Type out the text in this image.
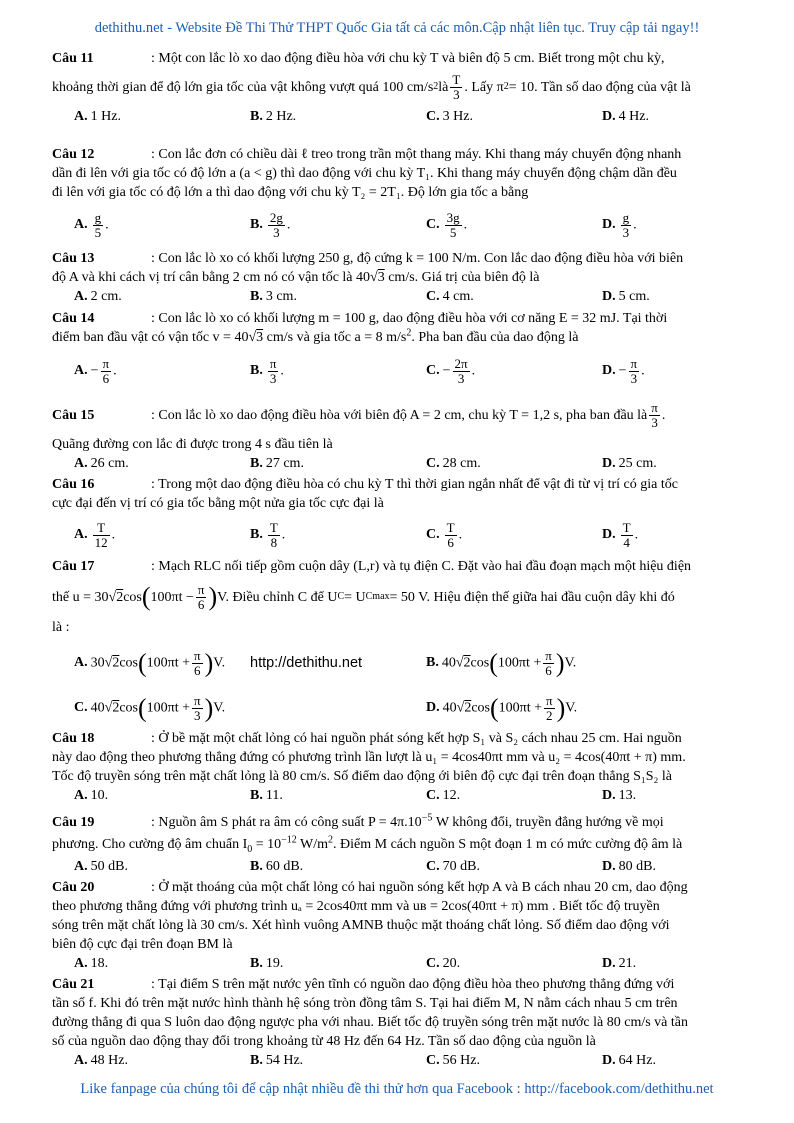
dethithu.net - Website Đề Thi Thử THPT Quốc Gia tất cả các môn.Cập nhật liên tục. Truy cập tải ngay!!

Câu 11	: Một con lắc lò xo dao động điều hòa với chu kỳ T và biên độ 5 cm. Biết trong một chu kỳ,

khoảng thời gian để độ lớn gia tốc của vật không vượt quá 100 cm/s 2 là $\frac{T}{3}$ . Lấy π 2 = 10. Tần số dao động của vật là

A. 1 Hz.	B. 2 Hz.	C. 3 Hz.	D. 4 Hz.

Câu 12	: Con lắc đơn có chiều dài ℓ treo trong trần một thang máy. Khi thang máy chuyển động nhanh

dần đi lên với gia tốc có độ lớn a (a < g) thì dao động với chu kỳ T₁. Khi thang máy chuyển động chậm dần đều

đi lên với gia tốc có độ lớn a thì dao động với chu kỳ T₂ = 2T₁. Độ lớn gia tốc a bằng

A. $\frac{g}{5}$ .	B. $\frac{2g}{3}$ .	C. $\frac{3g}{5}$ .	D. $\frac{g}{3}$ .

Câu 13	: Con lắc lò xo có khối lượng 250 g, độ cứng k = 100 N/m. Con lắc dao động điều hòa với biên

độ A và khi cách vị trí cân bằng 2 cm nó có vận tốc là 40√3 cm/s. Giá trị của biên độ là

A. 2 cm.	B. 3 cm.	C. 4 cm.	D. 5 cm.

Câu 14	: Con lắc lò xo có khối lượng m = 100 g, dao động điều hòa với cơ năng E = 32 mJ. Tại thời

điểm ban đầu vật có vận tốc v = 40√3 cm/s và gia tốc a = 8 $m/s^2$. Pha ban đầu của dao động là

A. − $\frac{\pi}{6}$ .	B. $\frac{\pi}{3}$ .	C. − $\frac{2\pi}{3}$ .	D. − $\frac{\pi}{3}$ .

Câu 15	: Con lắc lò xo dao động điều hòa với biên độ A = 2 cm, chu kỳ T = 1,2 s, pha ban đầu là $\frac{\pi}{3}$ .

Quãng đường con lắc đi được trong 4 s đầu tiên là

A. 26 cm.	B. 27 cm.	C. 28 cm.	D. 25 cm.

Câu 16	: Trong một dao động điều hòa có chu kỳ T thì thời gian ngắn nhất để vật đi từ vị trí có gia tốc

cực đại đến vị trí có gia tốc bằng một nửa gia tốc cực đại là

A. $\frac{T}{12}$ .	B. $\frac{T}{8}$ .	C. $\frac{T}{6}$ .	D. $\frac{T}{4}$ .

Câu 17	: Mạch RLC nối tiếp gồm cuộn dây (L,r) và tụ điện C. Đặt vào hai đầu đoạn mạch một hiệu điện

thế u = 30 √ 2 cos ( $100\pi t - \frac{\pi}{6}$ ) V. Điều chỉnh C để U C = U Cmax = 50 V. Hiệu điện thế giữa hai đầu cuộn dây khi đó

là :

A. $30√2\cos(100\pi t + \frac{\pi}{6} )V$.	http://dethithu.net	B. $40√2\cos(100\pi t + \frac{\pi}{6} )V$.
C. $40√2\cos(100\pi t + \frac{\pi}{3} )V$.	D. $40√2\cos(100\pi t + \frac{\pi}{2} )V$.

Câu 18	: Ở bề mặt một chất lỏng có hai nguồn phát sóng kết hợp S₁ và S₂ cách nhau 25 cm. Hai nguồn

này dao động theo phương thẳng đứng có phương trình lần lượt là u₁ = 4cos40πt mm và u₂ = 4cos(40πt + π) mm.

Tốc độ truyền sóng trên mặt chất lỏng là 80 cm/s. Số điểm dao động ới biên độ cực đại trên đoạn thẳng S₁S₂ là

A. 10.	B. 11.	C. 12.	D. 13.

Câu 19	: Nguồn âm S phát ra âm có công suất $P = 4\pi.10^{-5}$ W không đổi, truyền đẳng hướng về mọi

phương. Cho cường độ âm chuẩn $I_0 = 10^{-12}$ $W/m^2$. Điểm M cách nguồn S một đoạn 1 m có mức cường độ âm là

A. 50 dB.	B. 60 dB.	C. 70 dB.	D. 80 dB.

Câu 20	: Ở mặt thoáng của một chất lỏng có hai nguồn sóng kết hợp A và B cách nhau 20 cm, dao động

theo phương thẳng đứng với phương trình uₐ = 2cos40πt mm và uʙ = 2cos(40πt + π) mm . Biết tốc độ truyền

sóng trên mặt chất lỏng là 30 cm/s. Xét hình vuông AMNB thuộc mặt thoáng chất lỏng. Số điểm dao động với

biên độ cực đại trên đoạn BM là

A. 18.	B. 19.	C. 20.	D. 21.

Câu 21	: Tại điểm S trên mặt nước yên tĩnh có nguồn dao động điều hòa theo phương thẳng đứng với

tần số f. Khi đó trên mặt nước hình thành hệ sóng tròn đồng tâm S. Tại hai điểm M, N nằm cách nhau 5 cm trên

đường thẳng đi qua S luôn dao động ngược pha với nhau. Biết tốc độ truyền sóng trên mặt nước là 80 cm/s và tần

số của nguồn dao động thay đổi trong khoảng từ 48 Hz đến 64 Hz. Tần số dao động của nguồn là

A. 48 Hz.	B. 54 Hz.	C. 56 Hz.	D. 64 Hz.
Like fanpage của chúng tôi để cập nhật nhiều đề thi thử hơn qua Facebook : http://facebook.com/dethithu.net
